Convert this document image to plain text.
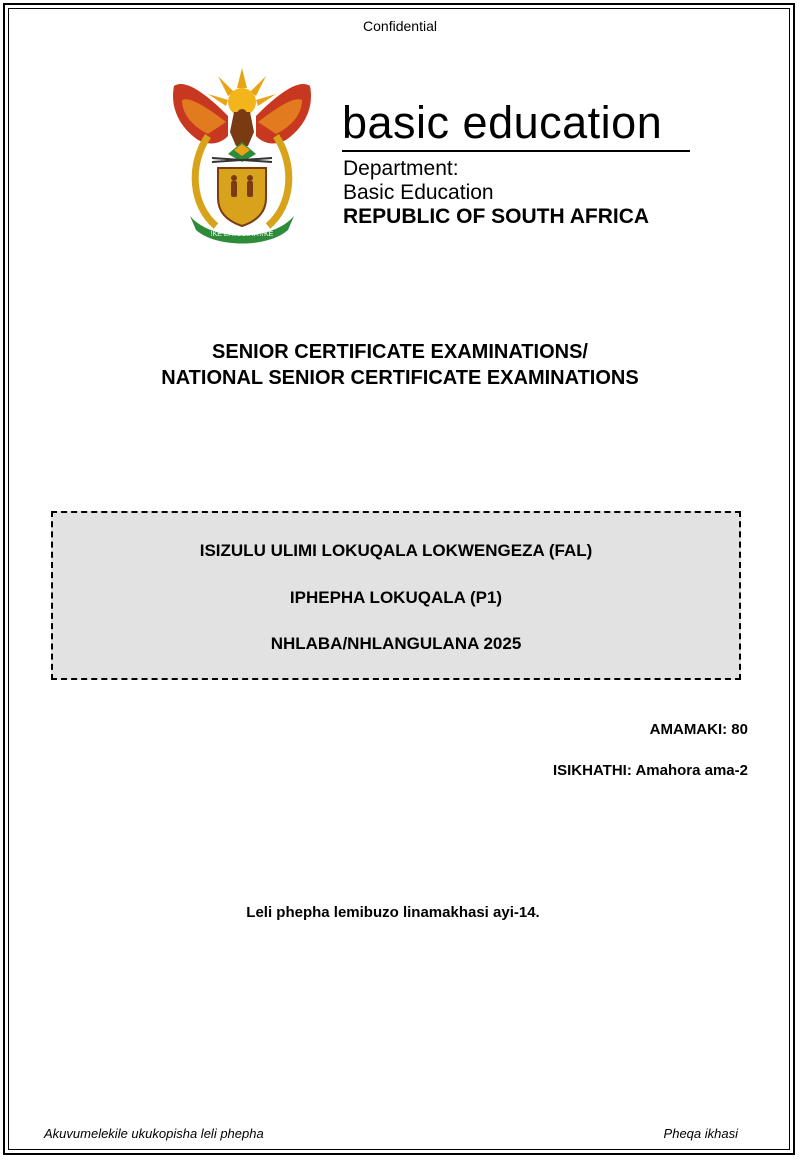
Confidential
!KE E: /XARRA //KE
basic education
Department:
Basic Education
REPUBLIC OF SOUTH AFRICA
SENIOR CERTIFICATE EXAMINATIONS/
NATIONAL SENIOR CERTIFICATE EXAMINATIONS
ISIZULU ULIMI LOKUQALA LOKWENGEZA (FAL)
IPHEPHA LOKUQALA (P1)
NHLABA/NHLANGULANA 2025
AMAMAKI: 80
ISIKHATHI: Amahora ama-2
Leli phepha lemibuzo linamakhasi ayi-14.
Akuvumelekile ukukopisha leli phepha	Pheqa ikhasi
